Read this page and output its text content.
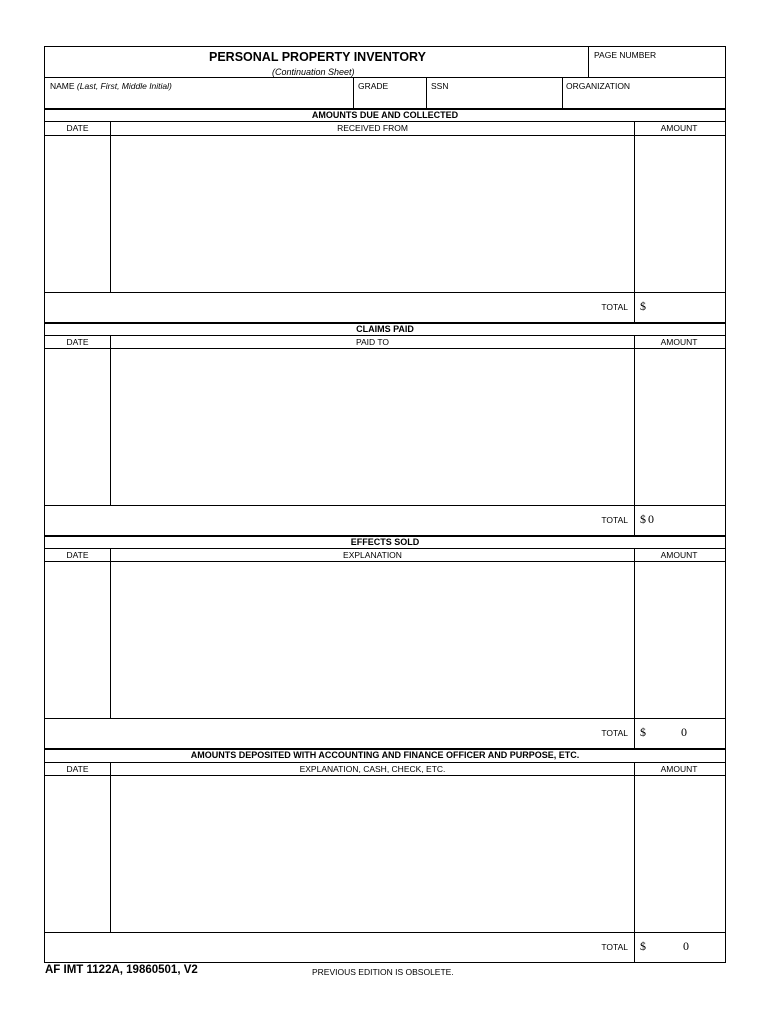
PERSONAL PROPERTY INVENTORY
(Continuation Sheet)
PAGE NUMBER
NAME (Last, First, Middle Initial)	GRADE	SSN	ORGANIZATION
AMOUNTS DUE AND COLLECTED
DATE	RECEIVED FROM	AMOUNT
TOTAL $
CLAIMS PAID
DATE	PAID TO	AMOUNT
TOTAL $ 0
EFFECTS SOLD
DATE	EXPLANATION	AMOUNT
TOTAL $	0
AMOUNTS DEPOSITED WITH ACCOUNTING AND FINANCE OFFICER AND PURPOSE, ETC.
DATE	EXPLANATION, CASH, CHECK, ETC.	AMOUNT
TOTAL $	0
AF IMT 1122A, 19860501, V2	PREVIOUS EDITION IS OBSOLETE.
